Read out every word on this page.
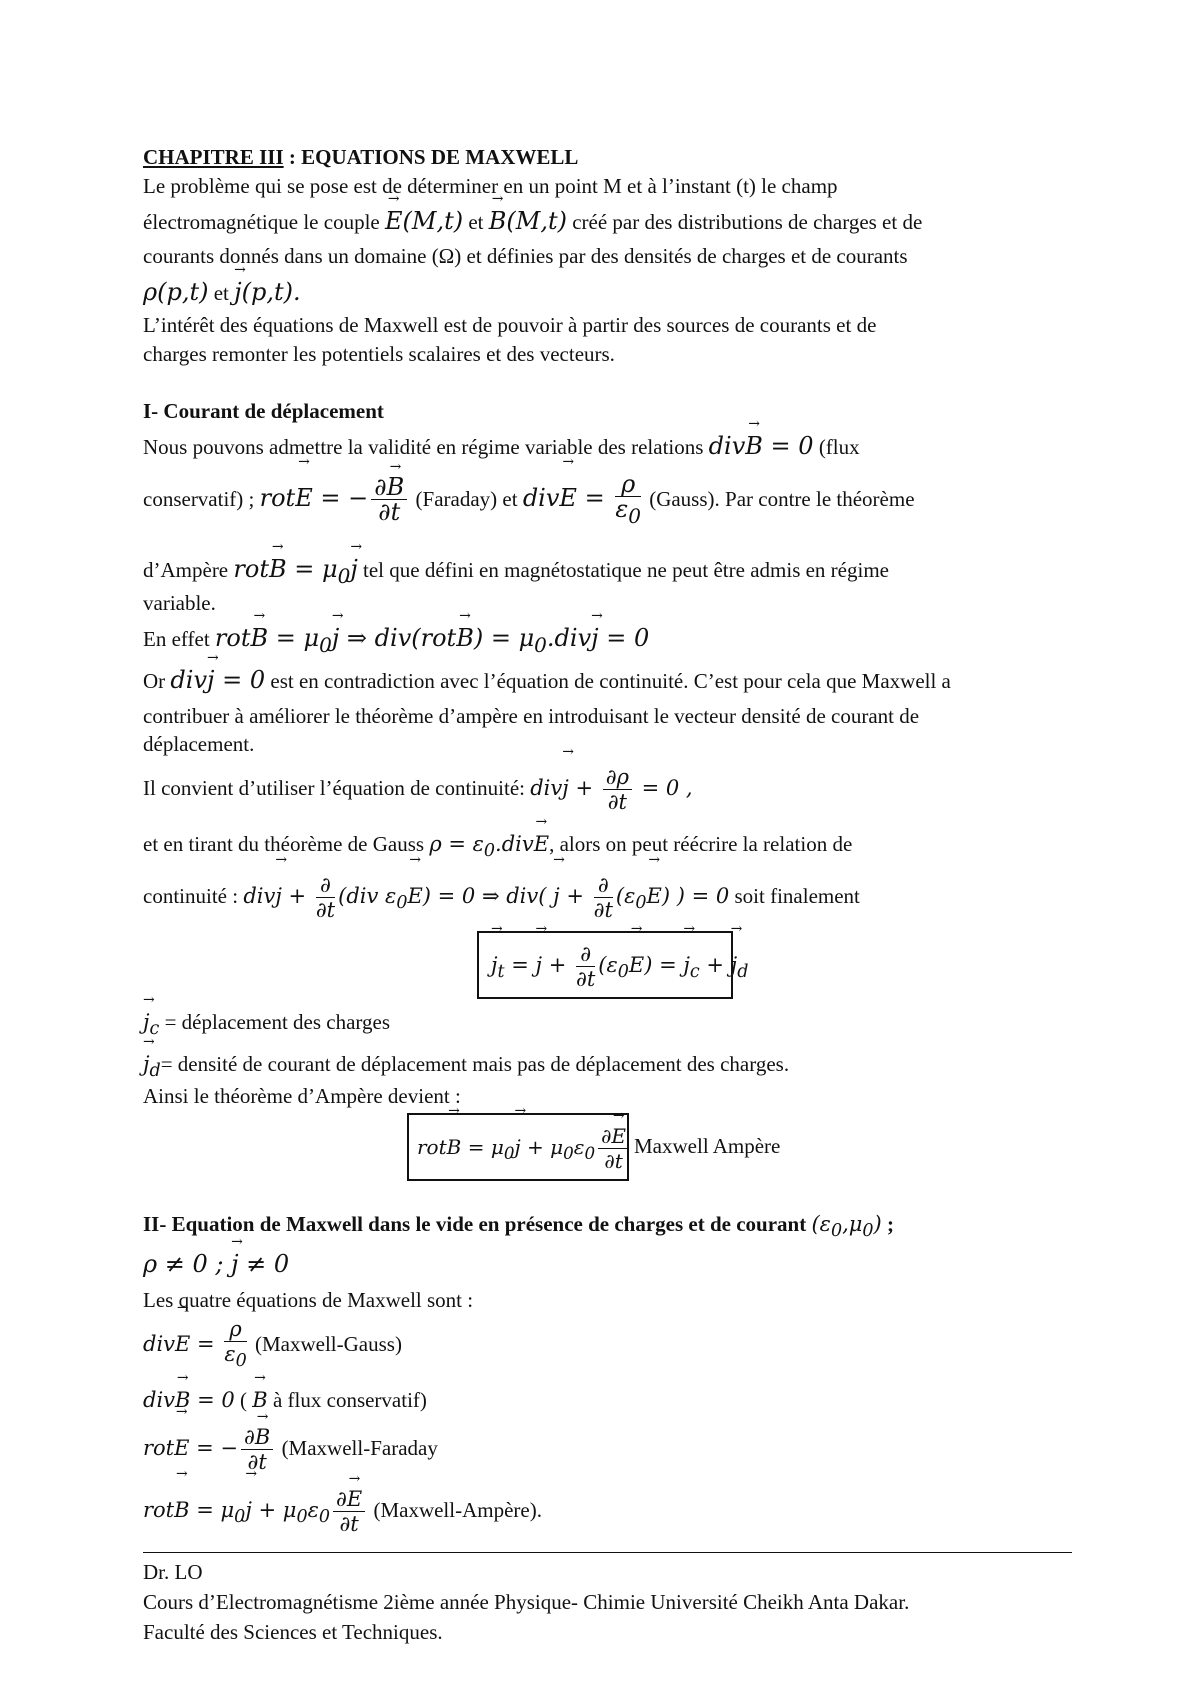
CHAPITRE III : EQUATIONS DE MAXWELL
Le problème qui se pose est de déterminer en un point M et à l’instant (t) le champ
électromagnétique le couple → E(M,t) et → B(M,t) créé par des distributions de charges et de
courants donnés dans un domaine (Ω) et définies par des densités de charges et de courants
ρ(p,t) et → j(p,t).
L’intérêt des équations de Maxwell est de pouvoir à partir des sources de courants et de
charges remonter les potentiels scalaires et des vecteurs.
I- Courant de déplacement
Nous pouvons admettre la validité en régime variable des relations div→ B = 0 (flux
conservatif) ; rot→ E = − $\frac{\partial\to B}{\partial t}$ (Faraday) et $div\to E = \frac{\rho}{\varepsilon_0}$ (Gauss). Par contre le théorème
d’Ampère $rot\to B = \mu_0\to j$ tel que défini en magnétostatique ne peut être admis en régime
variable.
En effet $rot\to B = \mu_0\to j$ ⇒ $div(rot\to B) = \mu_0.div\to j = 0$
Or div→ j = 0 est en contradiction avec l’équation de continuité. C’est pour cela que Maxwell a
contribuer à améliorer le théorème d’ampère en introduisant le vecteur densité de courant de
déplacement.
Il convient d’utiliser l’équation de continuité: $div\to j + \frac{\partial\rho}{\partial t} = 0$ ,
et en tirant du théorème de Gauss $\rho = \varepsilon_0.div\to E$, alors on peut réécrire la relation de
continuité : $div\to j + \frac{\partial}{\partial t} (div$ $\varepsilon_0\to E) = 0$ ⇒ $div( \to j + \frac{\partial}{\partial t} (\varepsilon_0\to E)$ ) = 0 soit finalement
→ $j_t$ = → $j + \frac{\partial}{\partial t} (\varepsilon_0\to E)$ = → $j_c$ + → $j_d$
→ $j_c$ = déplacement des charges
→ $j_d=$ densité de courant de déplacement mais pas de déplacement des charges.
Ainsi le théorème d’Ampère devient :
$rot\to B = \mu_0\to j + \mu_0\varepsilon_0 \frac{\partial\to E}{\partial t}$ Maxwell Ampère
II- Equation de Maxwell dans le vide en présence de charges et de courant $(\varepsilon_0,\mu_0)$ ;
ρ ≠ 0 ; → j ≠ 0
Les quatre équations de Maxwell sont :
$div\to E = \frac{\rho}{\varepsilon_0}$ (Maxwell-Gauss)
div→ B = 0 ( → B à flux conservatif)
rot→ E = − $\frac{\partial\to B}{\partial t}$ (Maxwell-Faraday
$rot\to B = \mu_0\to j + \mu_0\varepsilon_0 \frac{\partial\to E}{\partial t}$ (Maxwell-Ampère).
Dr. LO
Cours d’Electromagnétisme 2ième année Physique- Chimie Université Cheikh Anta Dakar.
Faculté des Sciences et Techniques.
